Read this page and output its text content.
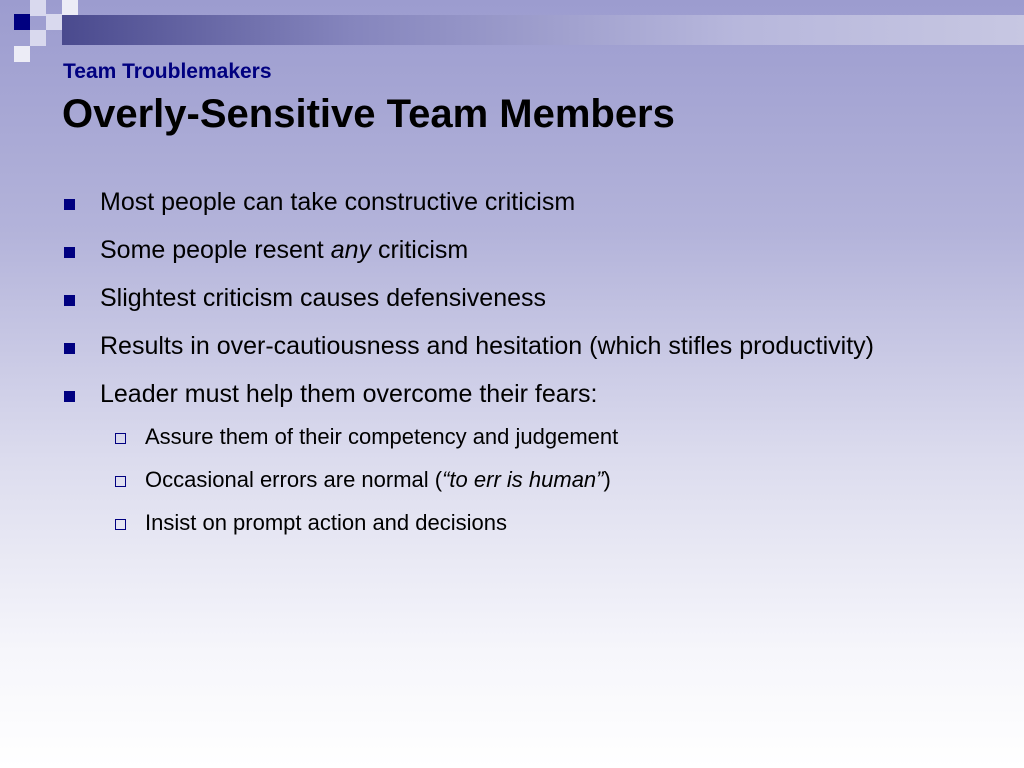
Team Troublemakers
Overly-Sensitive Team Members
Most people can take constructive criticism
Some people resent any criticism
Slightest criticism causes defensiveness
Results in over-cautiousness and hesitation (which stifles productivity)
Leader must help them overcome their fears:
Assure them of their competency and judgement
Occasional errors are normal (“to err is human”)
Insist on prompt action and decisions
